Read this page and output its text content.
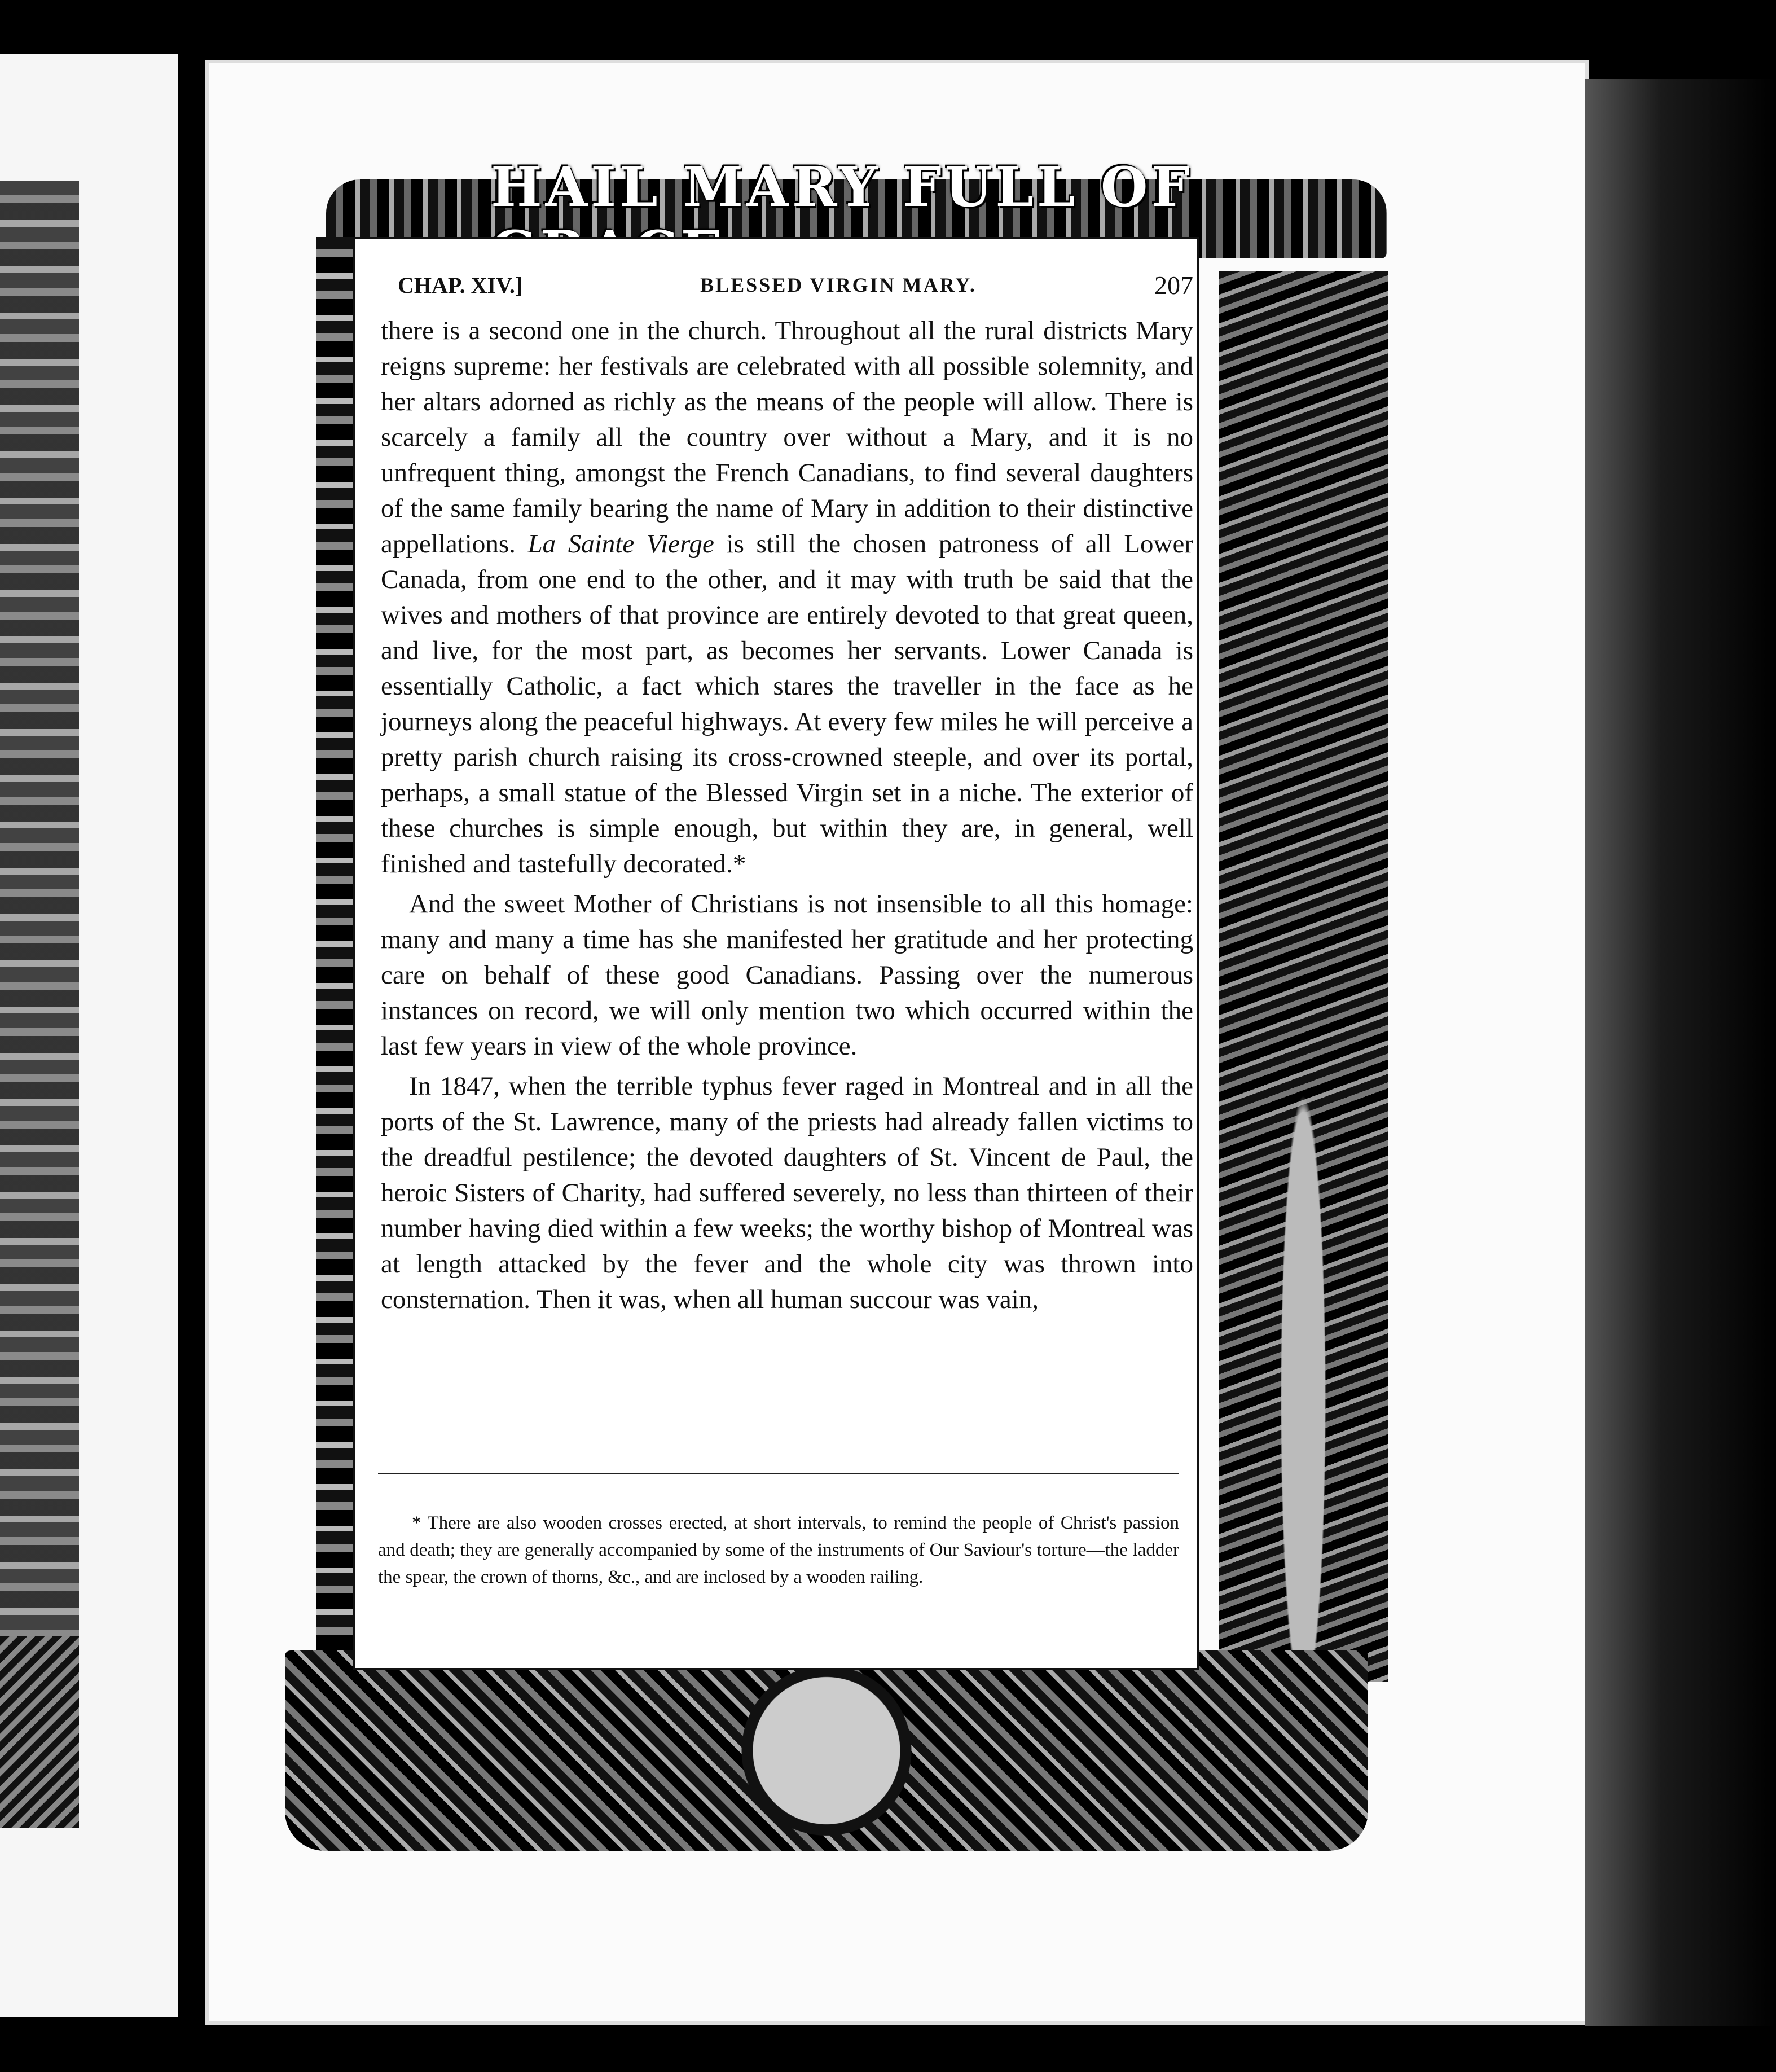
CHAP. XIV.]	BLESSED VIRGIN MARY.	207

there is a second one in the church. Throughout all the rural districts Mary reigns supreme: her festivals are celebrated with all possible solemnity, and her altars adorned as richly as the means of the people will allow. There is scarcely a family all the country over without a Mary, and it is no unfrequent thing, amongst the French Canadians, to find several daughters of the same family bearing the name of Mary in addition to their distinctive appellations. La Sainte Vierge is still the chosen patroness of all Lower Canada, from one end to the other, and it may with truth be said that the wives and mothers of that province are entirely devoted to that great queen, and live, for the most part, as becomes her servants. Lower Canada is essentially Catholic, a fact which stares the traveller in the face as he journeys along the peaceful highways. At every few miles he will perceive a pretty parish church raising its cross-crowned steeple, and over its portal, perhaps, a small statue of the Blessed Virgin set in a niche. The exterior of these churches is simple enough, but within they are, in general, well finished and tastefully decorated.*

And the sweet Mother of Christians is not insensible to all this homage: many and many a time has she manifested her gratitude and her protecting care on behalf of these good Canadians. Passing over the numerous instances on record, we will only mention two which occurred within the last few years in view of the whole province.

In 1847, when the terrible typhus fever raged in Montreal and in all the ports of the St. Lawrence, many of the priests had already fallen victims to the dreadful pestilence; the devoted daughters of St. Vincent de Paul, the heroic Sisters of Charity, had suffered severely, no less than thirteen of their number having died within a few weeks; the worthy bishop of Montreal was at length attacked by the fever and the whole city was thrown into consternation. Then it was, when all human succour was vain,

* There are also wooden crosses erected, at short intervals, to remind the people of Christ's passion and death; they are generally accompanied by some of the instruments of Our Saviour's torture—the ladder the spear, the crown of thorns, &c., and are inclosed by a wooden railing.
